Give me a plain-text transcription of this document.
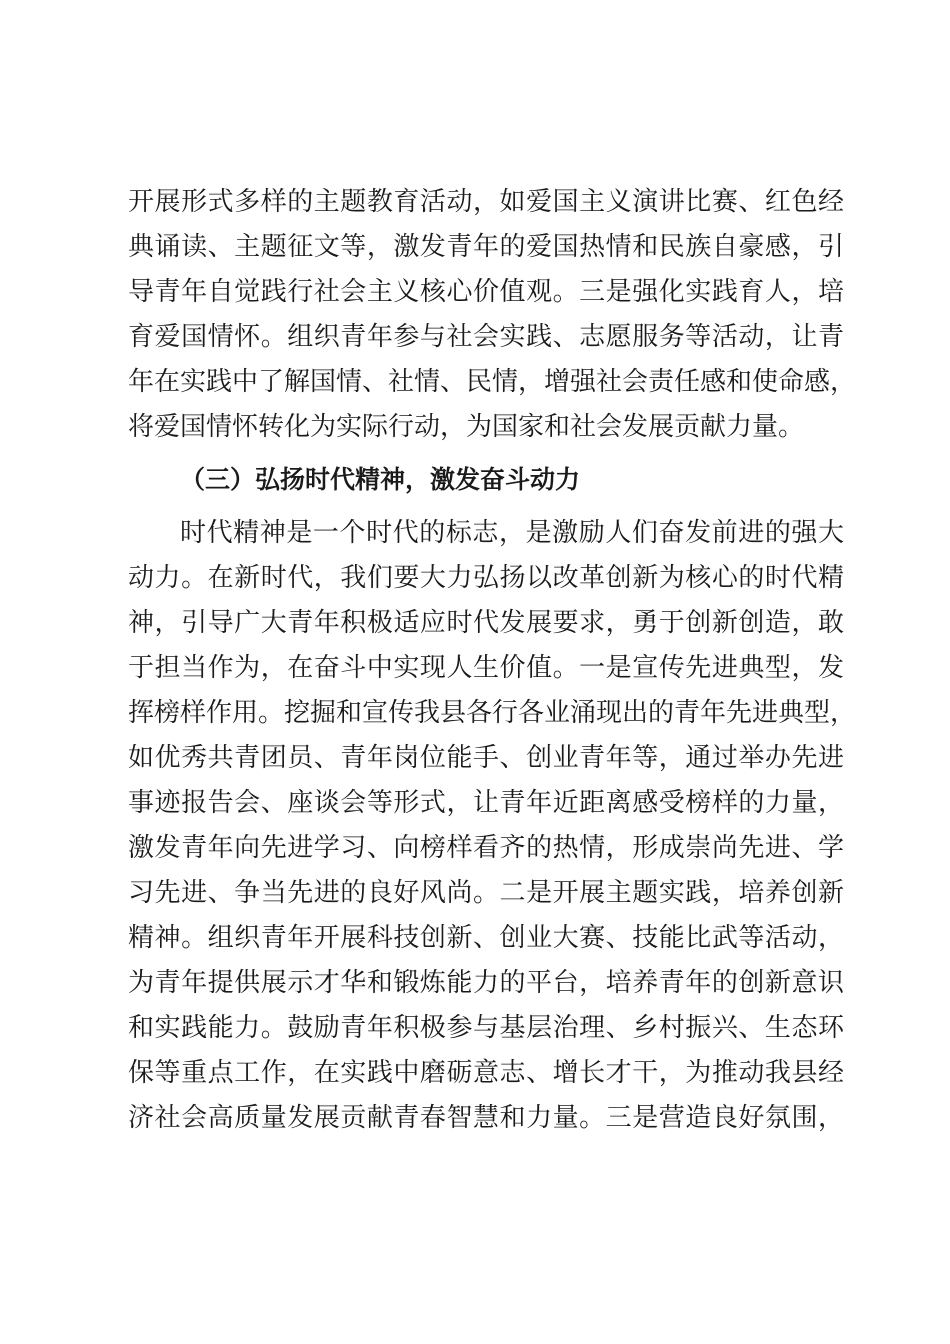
开展形式多样的主题教育活动，如爱国主义演讲比赛、红色经
典诵读、主题征文等，激发青年的爱国热情和民族自豪感，引
导青年自觉践行社会主义核心价值观。三是强化实践育人，培
育爱国情怀。组织青年参与社会实践、志愿服务等活动，让青
年在实践中了解国情、社情、民情，增强社会责任感和使命感，
将爱国情怀转化为实际行动，为国家和社会发展贡献力量。
（三）弘扬时代精神，激发奋斗动力
时代精神是一个时代的标志，是激励人们奋发前进的强大
动力。在新时代，我们要大力弘扬以改革创新为核心的时代精
神，引导广大青年积极适应时代发展要求，勇于创新创造，敢
于担当作为，在奋斗中实现人生价值。一是宣传先进典型，发
挥榜样作用。挖掘和宣传我县各行各业涌现出的青年先进典型，
如优秀共青团员、青年岗位能手、创业青年等，通过举办先进
事迹报告会、座谈会等形式，让青年近距离感受榜样的力量，
激发青年向先进学习、向榜样看齐的热情，形成崇尚先进、学
习先进、争当先进的良好风尚。二是开展主题实践，培养创新
精神。组织青年开展科技创新、创业大赛、技能比武等活动，
为青年提供展示才华和锻炼能力的平台，培养青年的创新意识
和实践能力。鼓励青年积极参与基层治理、乡村振兴、生态环
保等重点工作，在实践中磨砺意志、增长才干，为推动我县经
济社会高质量发展贡献青春智慧和力量。三是营造良好氛围，
